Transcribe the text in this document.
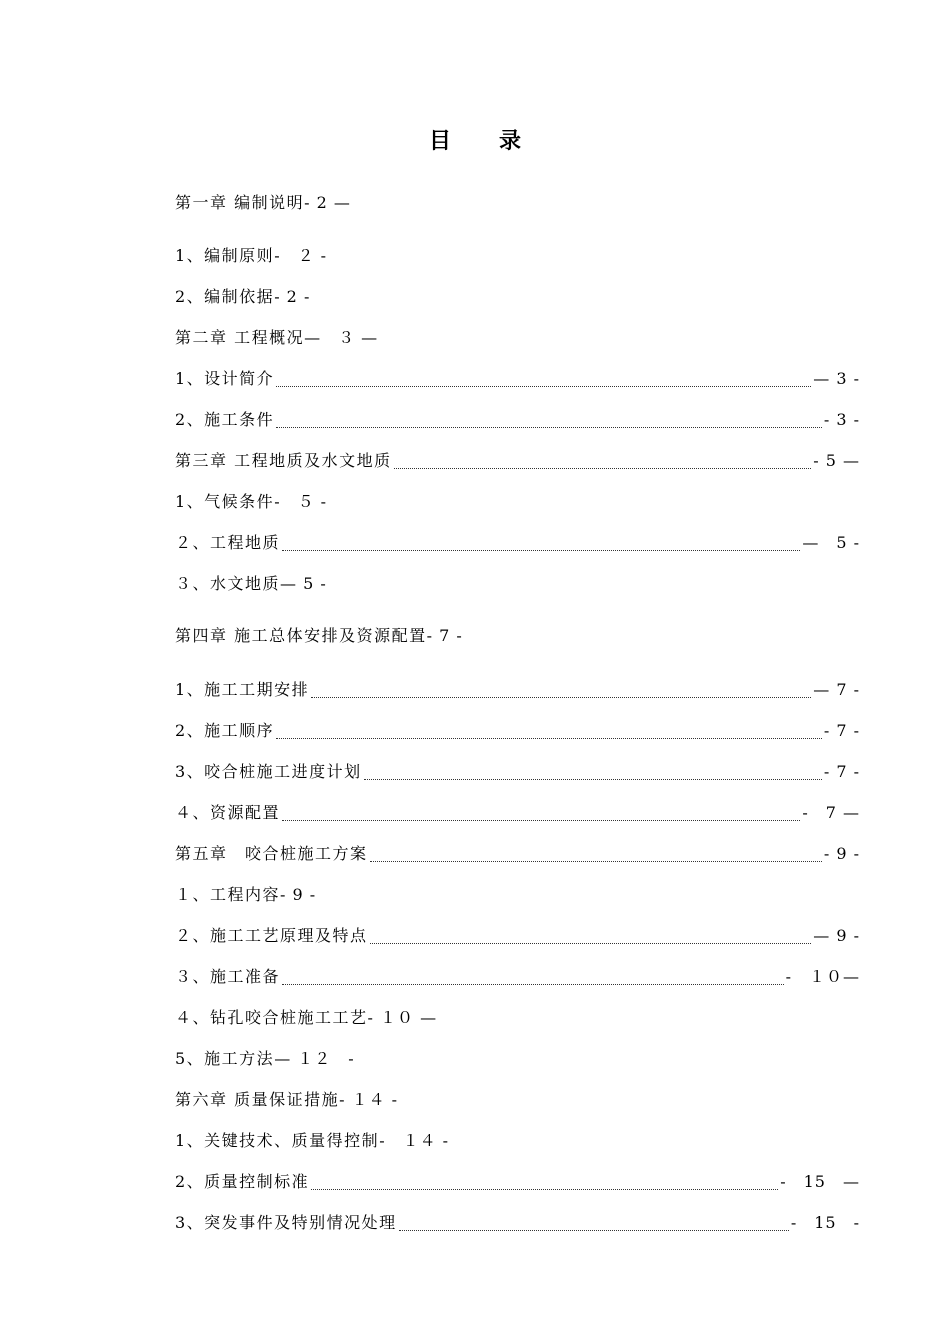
目 录
第一章 编制说明 - 2 —
1、编制原则 -　２ -
2、编制依据 - 2 -
第二章 工程概况 —　３ —
1、设计简介	— 3 -
2、施工条件	- 3 -
第三章 工程地质及水文地质	- 5 —
1、气候条件 -　５ -
２、工程地质	—　5 -
３、水文地质 — 5 -
第四章 施工总体安排及资源配置 - 7 -
1、施工工期安排	— 7 -
2、施工顺序	- 7 -
3、咬合桩施工进度计划	- 7 -
４、资源配置	-　7 —
第五章　咬合桩施工方案	- 9 -
１、工程内容 - 9 -
２、施工工艺原理及特点	— 9 -
３、施工准备	-　１０—
４、钻孔咬合桩施工工艺 - １０ —
5、施工方法 — １２　-
第六章 质量保证措施 - １４ -
1、关键技术、质量得控制 -　１４ -
2、质量控制标准	-　15　—
3、突发事件及特别情况处理	-　15　-
